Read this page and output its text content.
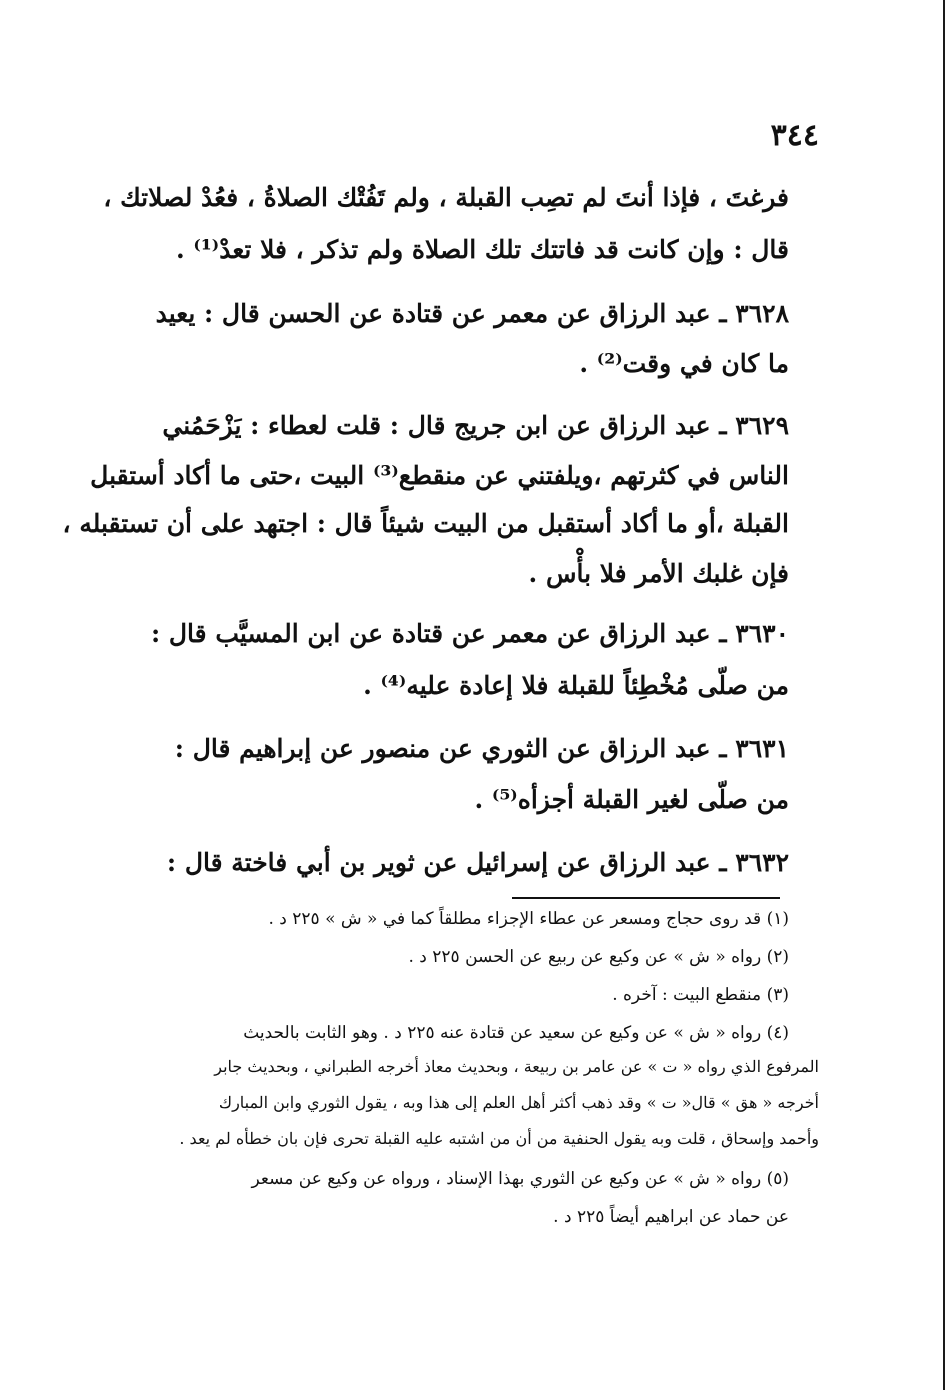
٣٤٤
فرغتَ ، فإذا أنتَ لم تصِب القبلة ، ولم تَفُتْك الصلاةُ ، فعُدْ لصلاتك ،
قال : وإن كانت قد فاتتك تلك الصلاة ولم تذكر ، فلا تعدْ⁽¹⁾ .
٣٦٢٨ ـ عبد الرزاق عن معمر عن قتادة عن الحسن قال : يعيد
ما كان في وقت⁽²⁾ .
٣٦٢٩ ـ عبد الرزاق عن ابن جريج قال : قلت لعطاء : يَزْحَمُني
الناس في كثرتهم ،ويلفتني عن منقطع⁽³⁾ البيت ،حتى ما أكاد أستقبل
القبلة ،أو ما أكاد أستقبل من البيت شيئاً قال : اجتهد على أن تستقبله ،
فإن غلبك الأمر فلا بأْس .
٣٦٣٠ ـ عبد الرزاق عن معمر عن قتادة عن ابن المسيَّب قال :
من صلّى مُخْطِئاً للقبلة فلا إعادة عليه⁽⁴⁾ .
٣٦٣١ ـ عبد الرزاق عن الثوري عن منصور عن إبراهيم قال :
من صلّى لغير القبلة أجزأه⁽⁵⁾ .
٣٦٣٢ ـ عبد الرزاق عن إسرائيل عن ثوير بن أبي فاختة قال :
(١) قد روى حجاج ومسعر عن عطاء الإجزاء مطلقاً كما في « ش » ٢٢٥ د .
(٢) رواه « ش » عن وكيع عن ربيع عن الحسن ٢٢٥ د .
(٣) منقطع البيت : آخره .
(٤) رواه « ش » عن وكيع عن سعيد عن قتادة عنه ٢٢٥ د . وهو الثابت بالحديث
المرفوع الذي رواه « ت » عن عامر بن ربيعة ، وبحديث معاذ أخرجه الطبراني ، وبحديث جابر
أخرجه « هق » قال« ت » وقد ذهب أكثر أهل العلم إلى هذا وبه ، يقول الثوري وابن المبارك
وأحمد وإسحاق ، قلت وبه يقول الحنفية من أن من اشتبه عليه القبلة تحرى فإن بان خطأه لم يعد .
(٥) رواه « ش » عن وكيع عن الثوري بهذا الإسناد ، ورواه عن وكيع عن مسعر
عن حماد عن ابراهيم أيضاً ٢٢٥ د .
